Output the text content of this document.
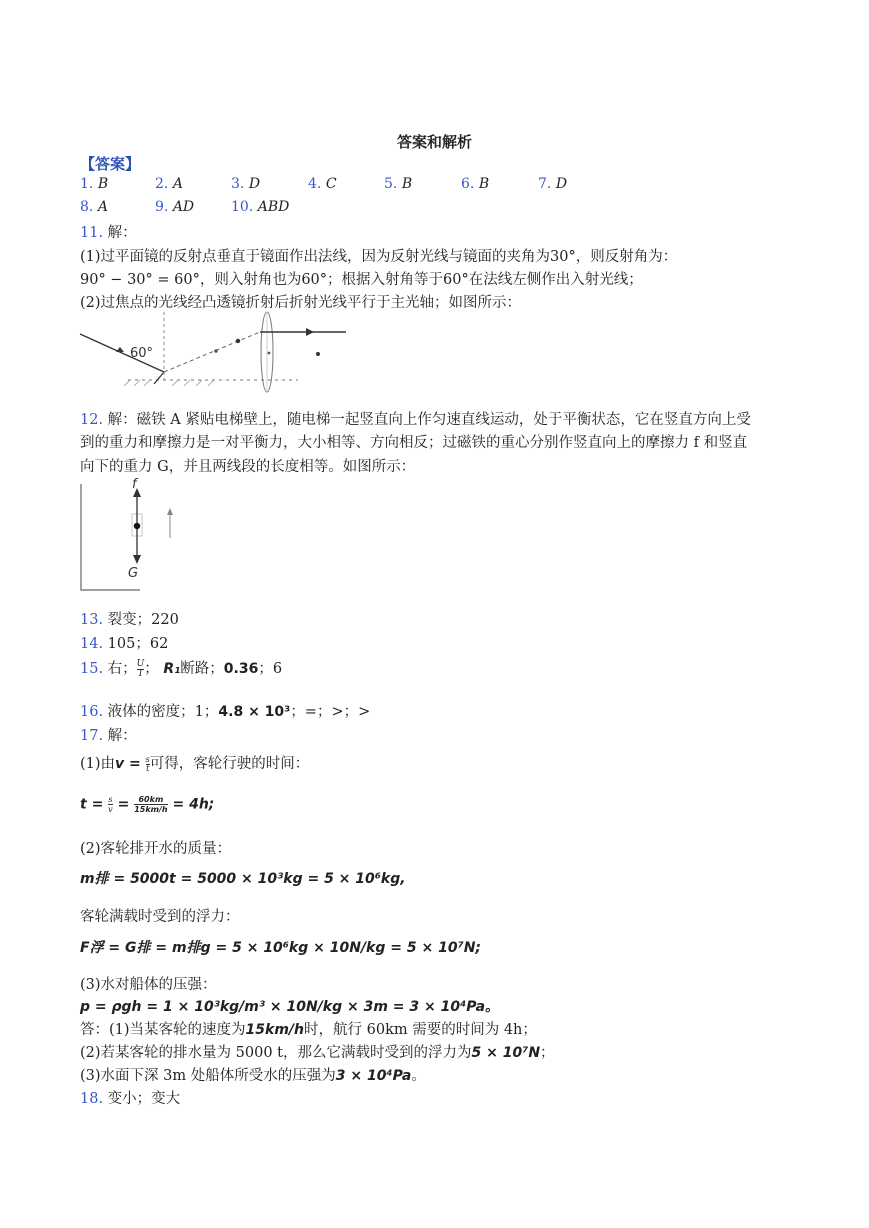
答案和解析
【答案】
1. B	2. A	3. D	4. C	5. B	6. B	7. D
8. A	9. AD	10. ABD
11. 解：
(1)过平面镜的反射点垂直于镜面作出法线，因为反射光线与镜面的夹角为30°，则反射角为：
90° − 30° = 60°，则入射角也为60°；根据入射角等于60°在法线左侧作出入射光线；
(2)过焦点的光线经凸透镜折射后折射光线平行于主光轴；如图所示：
60°
12. 解：磁铁 A 紧贴电梯壁上，随电梯一起竖直向上作匀速直线运动，处于平衡状态，它在竖直方向上受
到的重力和摩擦力是一对平衡力，大小相等、方向相反；过磁铁的重心分别作竖直向上的摩擦力 f 和竖直
向下的重力 G，并且两线段的长度相等。如图所示：
f
G
13. 裂变；220
14. 105；62
15. 右； $\frac{U}{I}$ ； R₁断路；0.36；6
16. 液体的密度；1；4.8 × 10³；=；>；>
17. 解：
(1)由$v = \frac{s}{t}$ 可得，客轮行驶的时间：
$t = \frac{s}{v} = \frac{60km}{15km/h} = 4h$;
(2)客轮排开水的质量：
m排 = 5000t = 5000 × 10³kg = 5 × 10⁶kg,
客轮满载时受到的浮力：
F浮 = G排 = m排g = 5 × 10⁶kg × 10N/kg = 5 × 10⁷N;
(3)水对船体的压强：
p = ρgh = 1 × 10³kg/m³ × 10N/kg × 3m = 3 × 10⁴Pa。
答：(1)当某客轮的速度为15km/h时，航行 60km 需要的时间为 4h；
(2)若某客轮的排水量为 5000 t，那么它满载时受到的浮力为5 × 10⁷N；
(3)水面下深 3m 处船体所受水的压强为3 × 10⁴Pa。
18. 变小；变大
